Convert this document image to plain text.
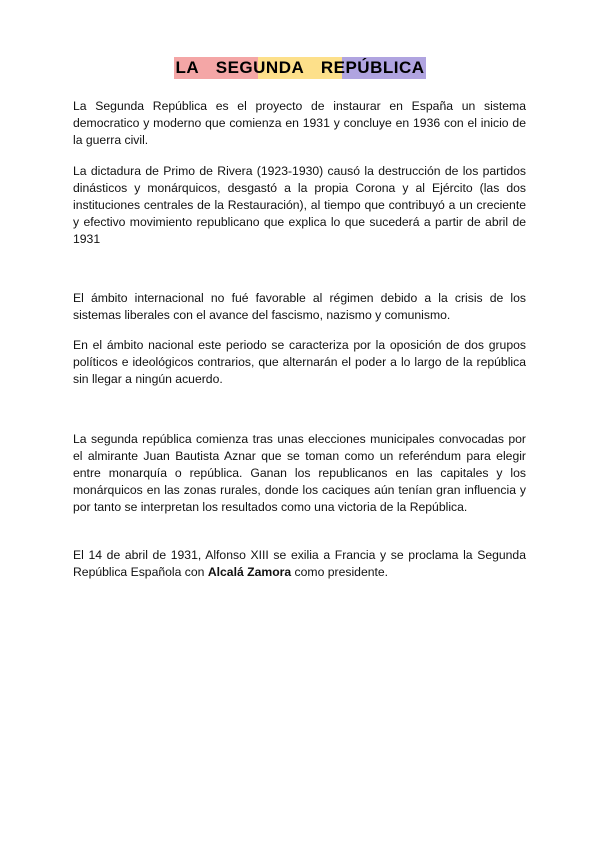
LA SEGUNDA REPÚBLICA

La Segunda República es el proyecto de instaurar en España un sistema democratico y moderno que comienza en 1931 y concluye en 1936 con el inicio de la guerra civil.

La dictadura de Primo de Rivera (1923-1930) causó la destrucción de los partidos dinásticos y monárquicos, desgastó a la propia Corona y al Ejército (las dos instituciones centrales de la Restauración), al tiempo que contribuyó a un creciente y efectivo movimiento republicano que explica lo que sucederá a partir de abril de 1931

El ámbito internacional no fué favorable al régimen debido a la crisis de los sistemas liberales con el avance del fascismo, nazismo y comunismo.

En el ámbito nacional este periodo se caracteriza por la oposición de dos grupos políticos e ideológicos contrarios, que alternarán el poder a lo largo de la república sin llegar a ningún acuerdo.

La segunda república comienza tras unas elecciones municipales convocadas por el almirante Juan Bautista Aznar que se toman como un referéndum para elegir entre monarquía o república. Ganan los republicanos en las capitales y los monárquicos en las zonas rurales, donde los caciques aún tenían gran influencia y por tanto se interpretan los resultados como una victoria de la República.

El 14 de abril de 1931, Alfonso XIII se exilia a Francia y se proclama la Segunda República Española con Alcalá Zamora como presidente.
